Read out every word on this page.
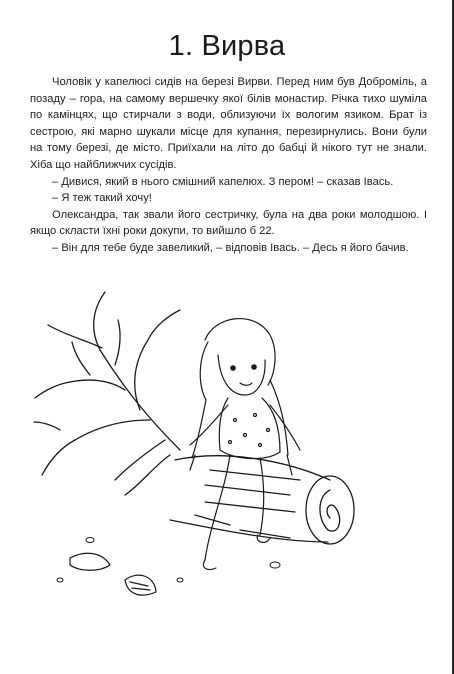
1. Вирва

Чоловік у капелюсі сидів на березі Вирви. Перед ним був Доброміль, а позаду – гора, на самому вершечку якої білів монастир. Річка тихо шуміла по камінцях, що стирчали з води, облизуючи їх вологим язиком. Брат із сестрою, які марно шукали місце для купання, перезирнулись. Вони були на тому березі, де місто. Приїхали на літо до бабці й нікого тут не знали. Хіба що найближчих сусідів.

– Дивися, який в нього смішний капелюх. З пером! – сказав Івась.

– Я теж такий хочу!

Олександра, так звали його сестричку, була на два роки молодшою. І якщо скласти їхні роки докупи, то вийшло б 22.

– Він для тебе буде завеликий, – відповів Івась. – Десь я його бачив.
